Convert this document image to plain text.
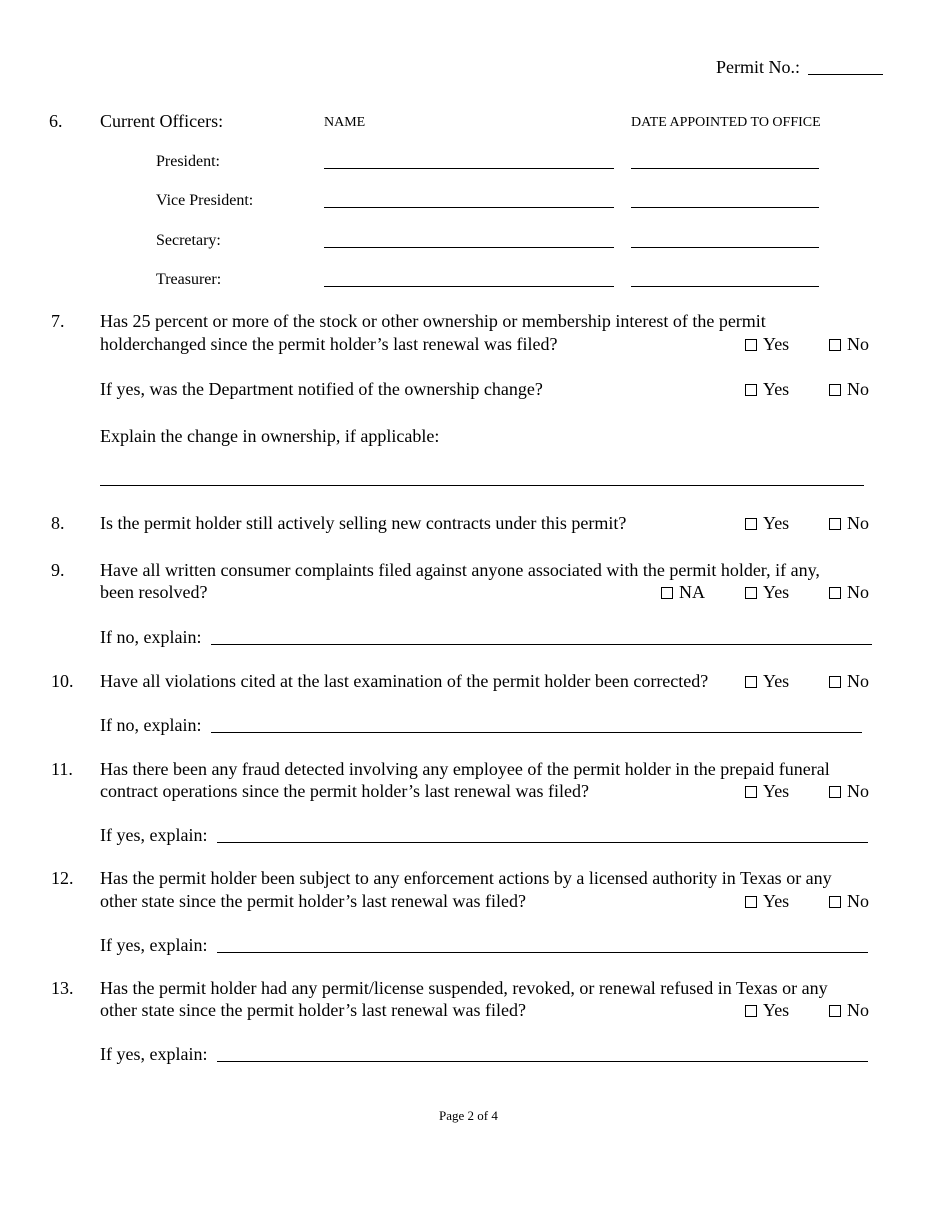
Permit No.:
6. Current Officers:	NAME	DATE APPOINTED TO OFFICE
President:
Vice President:
Secretary:
Treasurer:
7. Has 25 percent or more of the stock or other ownership or membership interest of the permit
holderchanged since the permit holder’s last renewal was filed?	Yes	No
If yes, was the Department notified of the ownership change?	Yes	No
Explain the change in ownership, if applicable:
8. Is the permit holder still actively selling new contracts under this permit?	Yes	No
9. Have all written consumer complaints filed against anyone associated with the permit holder, if any,
been resolved?	NA	Yes	No
If no, explain:
10. Have all violations cited at the last examination of the permit holder been corrected?	Yes	No
If no, explain:
11. Has there been any fraud detected involving any employee of the permit holder in the prepaid funeral
contract operations since the permit holder’s last renewal was filed?	Yes	No
If yes, explain:
12. Has the permit holder been subject to any enforcement actions by a licensed authority in Texas or any
other state since the permit holder’s last renewal was filed?	Yes	No
If yes, explain:
13. Has the permit holder had any permit/license suspended, revoked, or renewal refused in Texas or any
other state since the permit holder’s last renewal was filed?	Yes	No
If yes, explain:
Page 2 of 4
